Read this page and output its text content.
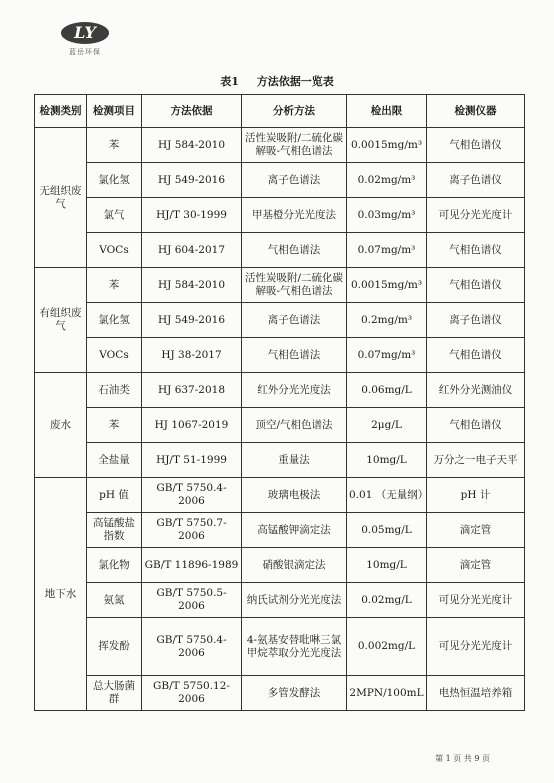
LY
蓝岳环保
表1 方法依据一览表
检测类别	检测项目	方法依据	分析方法	检出限	检测仪器
无组织废气	苯	HJ 584-2010	活性炭吸附/二硫化碳解吸-气相色谱法	0.0015mg/m³	气相色谱仪
	氯化氢	HJ 549-2016	离子色谱法	0.02mg/m³	离子色谱仪
	氯气	HJ/T 30-1999	甲基橙分光光度法	0.03mg/m³	可见分光光度计
	VOCs	HJ 604-2017	气相色谱法	0.07mg/m³	气相色谱仪
有组织废气	苯	HJ 584-2010	活性炭吸附/二硫化碳解吸-气相色谱法	0.0015mg/m³	气相色谱仪
	氯化氢	HJ 549-2016	离子色谱法	0.2mg/m³	离子色谱仪
	VOCs	HJ 38-2017	气相色谱法	0.07mg/m³	气相色谱仪
废水	石油类	HJ 637-2018	红外分光光度法	0.06mg/L	红外分光测油仪
	苯	HJ 1067-2019	顶空/气相色谱法	2μg/L	气相色谱仪
	全盐量	HJ/T 51-1999	重量法	10mg/L	万分之一电子天平
地下水	pH 值	GB/T 5750.4-2006	玻璃电极法	0.01 （无量纲）	pH 计
	高锰酸盐指数	GB/T 5750.7-2006	高锰酸钾滴定法	0.05mg/L	滴定管
	氯化物	GB/T 11896-1989	硝酸银滴定法	10mg/L	滴定管
	氨氮	GB/T 5750.5-2006	纳氏试剂分光光度法	0.02mg/L	可见分光光度计
	挥发酚	GB/T 5750.4-2006	4-氨基安替吡啉三氯甲烷萃取分光光度法	0.002mg/L	可见分光光度计
	总大肠菌群	GB/T 5750.12-2006	多管发酵法	2MPN/100mL	电热恒温培养箱
第 1 页 共 9 页
